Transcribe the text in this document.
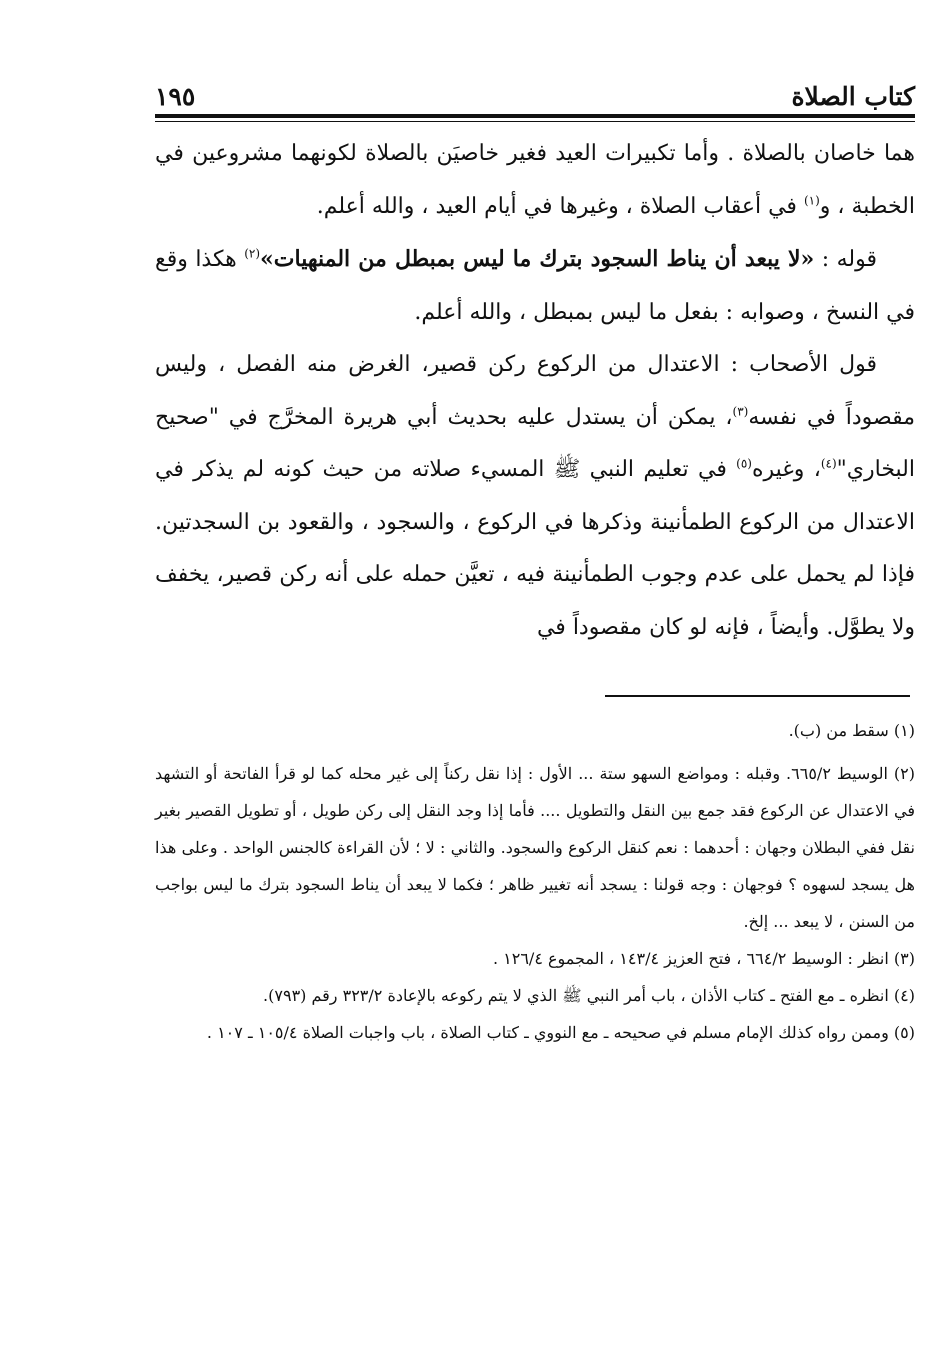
كتاب الصلاة
١٩٥

هما خاصان بالصلاة . وأما تكبيرات العيد فغير خاصيَن بالصلاة لكونهما مشروعين في الخطبة ، و$^{(١)}$ في أعقاب الصلاة ، وغيرها في أيام العيد ، والله أعلم.

قوله : «لا يبعد أن يناط السجود بترك ما ليس بمبطل من المنهيات»$^{(٢)}$ هكذا وقع في النسخ ، وصوابه : بفعل ما ليس بمبطل ، والله أعلم.

قول الأصحاب : الاعتدال من الركوع ركن قصير، الغرض منه الفصل ، وليس مقصوداً في نفسه$^{(٣)}$، يمكن أن يستدل عليه بحديث أبي هريرة المخرَّج في "صحيح البخاري"$^{(٤)}$، وغيره$^{(٥)}$ في تعليم النبي ﷺ المسيء صلاته من حيث كونه لم يذكر في الاعتدال من الركوع الطمأنينة وذكرها في الركوع ، والسجود ، والقعود بن السجدتين. فإذا لم يحمل على عدم وجوب الطمأنينة فيه ، تعيَّن حمله على أنه ركن قصير، يخفف ولا يطوَّل. وأيضاً ، فإنه لو كان مقصوداً في

(١) سقط من (ب).

(٢) الوسيط ٦٦٥/٢. وقبله : ومواضع السهو ستة ... الأول : إذا نقل ركناً إلى غير محله كما لو قرأ الفاتحة أو التشهد في الاعتدال عن الركوع فقد جمع بين النقل والتطويل .... فأما إذا وجد النقل إلى ركن طويل ، أو تطويل القصير بغير نقل ففي البطلان وجهان : أحدهما : نعم كنقل الركوع والسجود. والثاني : لا ؛ لأن القراءة كالجنس الواحد . وعلى هذا هل يسجد لسهوه ؟ فوجهان : وجه قولنا : يسجد أنه تغيير ظاهر ؛ فكما لا يبعد أن يناط السجود بترك ما ليس بواجب من السنن ، لا يبعد ... إلخ.

(٣) انظر : الوسيط ٦٦٤/٢ ، فتح العزيز ١٤٣/٤ ، المجموع ١٢٦/٤ .

(٤) انظره ـ مع الفتح ـ كتاب الأذان ، باب أمر النبي ﷺ الذي لا يتم ركوعه بالإعادة ٣٢٣/٢ رقم (٧٩٣).

(٥) وممن رواه كذلك الإمام مسلم في صحيحه ـ مع النووي ـ كتاب الصلاة ، باب واجبات الصلاة ١٠٥/٤ ـ ١٠٧ .
